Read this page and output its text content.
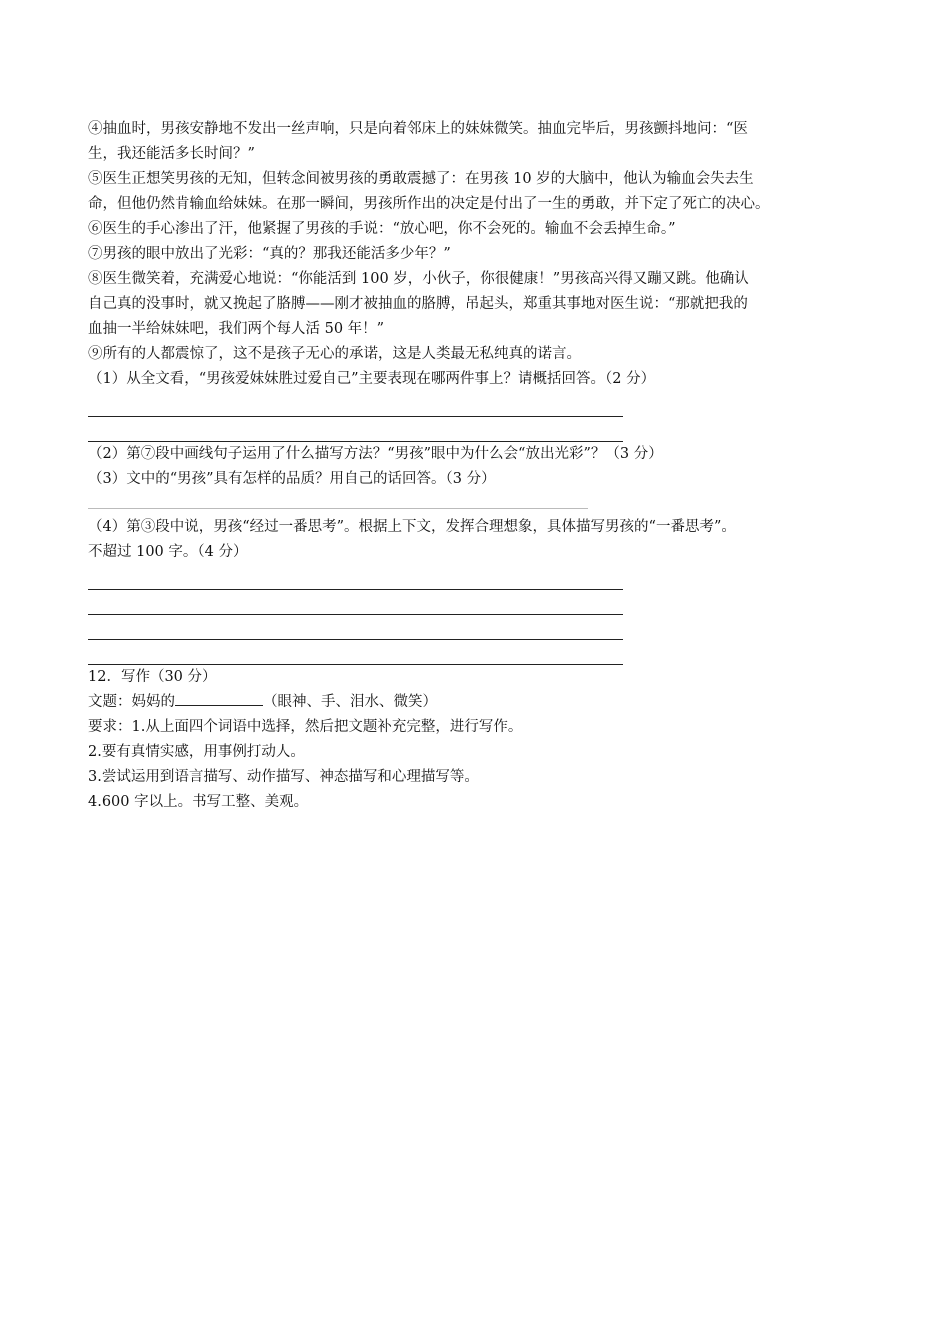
④抽血时，男孩安静地不发出一丝声响，只是向着邻床上的妹妹微笑。抽血完毕后，男孩颤抖地问：“医
生，我还能活多长时间？”
⑤医生正想笑男孩的无知，但转念间被男孩的勇敢震撼了：在男孩 10 岁的大脑中，他认为输血会失去生
命，但他仍然肯输血给妹妹。在那一瞬间，男孩所作出的决定是付出了一生的勇敢，并下定了死亡的决心。
⑥医生的手心渗出了汗，他紧握了男孩的手说：“放心吧，你不会死的。输血不会丢掉生命。”
⑦男孩的眼中放出了光彩：“真的？那我还能活多少年？”
⑧医生微笑着，充满爱心地说：“你能活到 100 岁，小伙子，你很健康！”男孩高兴得又蹦又跳。他确认
自己真的没事时，就又挽起了胳膊——刚才被抽血的胳膊，吊起头，郑重其事地对医生说：“那就把我的
血抽一半给妹妹吧，我们两个每人活 50 年！”
⑨所有的人都震惊了，这不是孩子无心的承诺，这是人类最无私纯真的诺言。
（1）从全文看，“男孩爱妹妹胜过爱自己”主要表现在哪两件事上？请概括回答。（2 分）
（2）第⑦段中画线句子运用了什么描写方法？“男孩”眼中为什么会“放出光彩”？（3 分）
（3）文中的“男孩”具有怎样的品质？用自己的话回答。（3 分）
（4）第③段中说，男孩“经过一番思考”。根据上下文，发挥合理想象，具体描写男孩的“一番思考”。
不超过 100 字。（4 分）
12．写作（30 分）
文题：妈妈的	（眼神、手、泪水、微笑）
要求：1.从上面四个词语中选择，然后把文题补充完整，进行写作。
2.要有真情实感，用事例打动人。
3.尝试运用到语言描写、动作描写、神态描写和心理描写等。
4.600 字以上。书写工整、美观。
